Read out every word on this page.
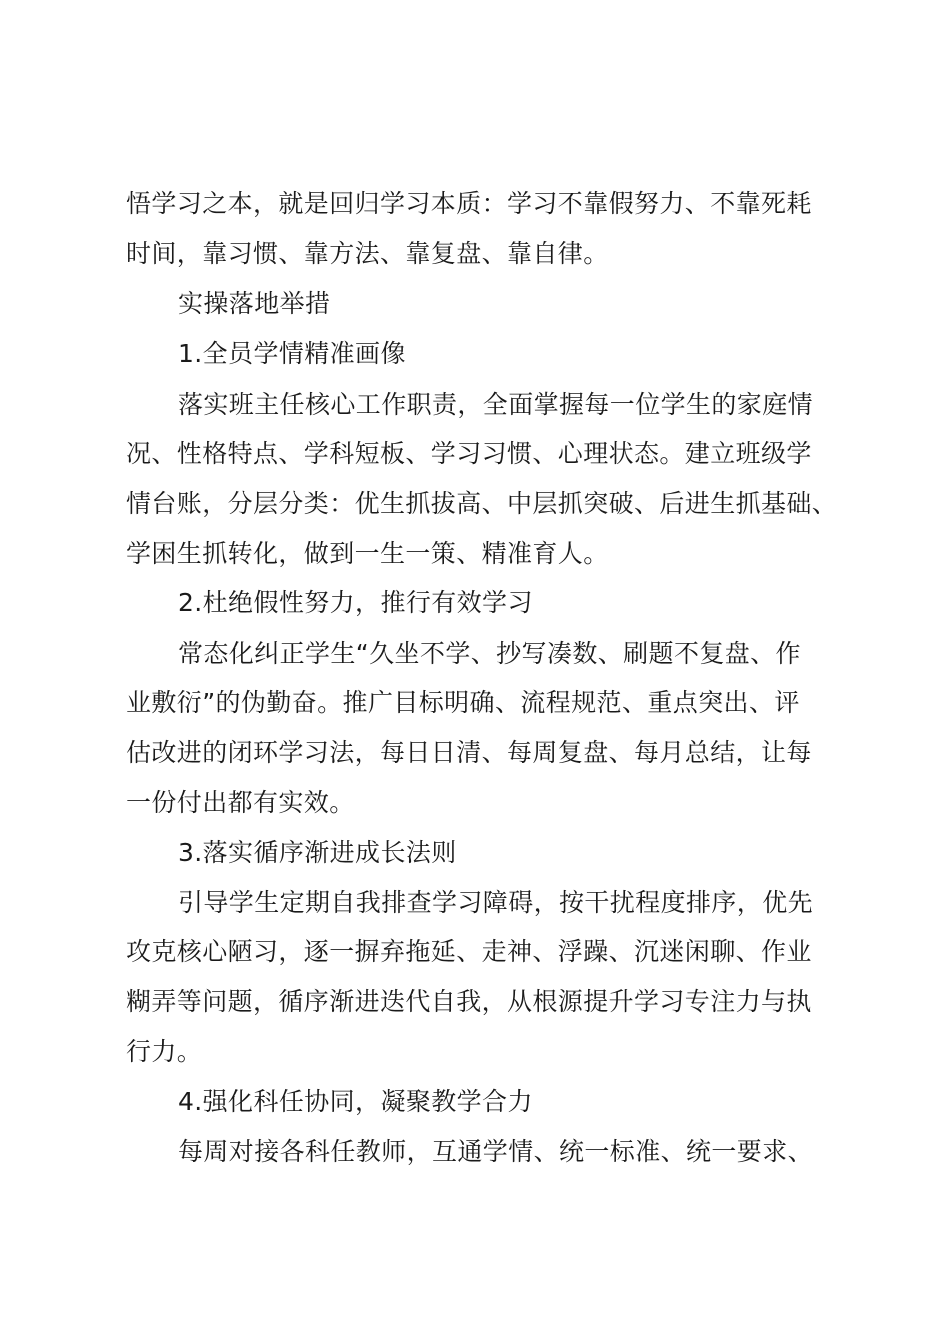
悟学习之本，就是回归学习本质：学习不靠假努力、不靠死耗
时间，靠习惯、靠方法、靠复盘、靠自律。
实操落地举措
1.全员学情精准画像
落实班主任核心工作职责，全面掌握每一位学生的家庭情
况、性格特点、学科短板、学习习惯、心理状态。建立班级学
情台账，分层分类：优生抓拔高、中层抓突破、后进生抓基础、
学困生抓转化，做到一生一策、精准育人。
2.杜绝假性努力，推行有效学习
常态化纠正学生“久坐不学、抄写凑数、刷题不复盘、作
业敷衍”的伪勤奋。推广目标明确、流程规范、重点突出、评
估改进的闭环学习法，每日日清、每周复盘、每月总结，让每
一份付出都有实效。
3.落实循序渐进成长法则
引导学生定期自我排查学习障碍，按干扰程度排序，优先
攻克核心陋习，逐一摒弃拖延、走神、浮躁、沉迷闲聊、作业
糊弄等问题，循序渐进迭代自我，从根源提升学习专注力与执
行力。
4.强化科任协同，凝聚教学合力
每周对接各科任教师，互通学情、统一标准、统一要求、
